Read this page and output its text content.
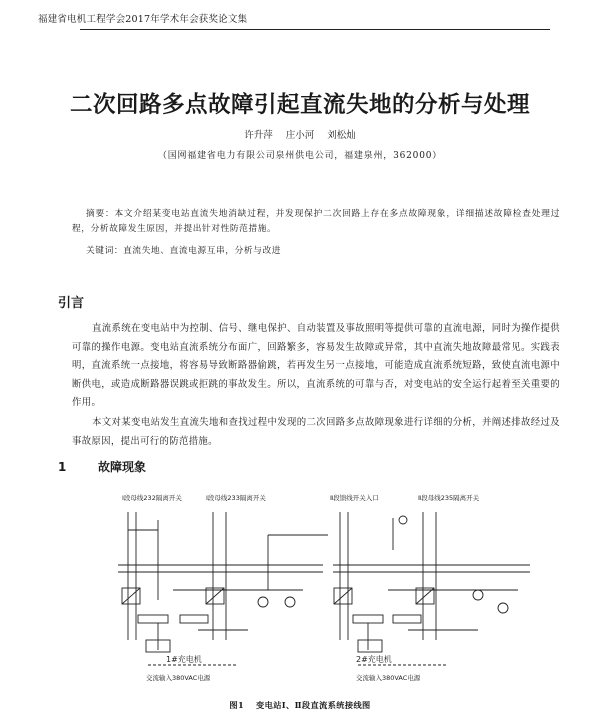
福建省电机工程学会2017年学术年会获奖论文集
二次回路多点故障引起直流失地的分析与处理
许升萍 庄小河 刘松灿
（国网福建省电力有限公司泉州供电公司，福建泉州，362000）

摘要：本文介绍某变电站直流失地消缺过程，并发现保护二次回路上存在多点故障现象，详细描述故障检查处理过程，分析故障发生原因，并提出针对性防范措施。

关键词：直流失地、直流电源互串，分析与改进
引言

直流系统在变电站中为控制、信号、继电保护、自动装置及事故照明等提供可靠的直流电源，同时为操作提供可靠的操作电源。变电站直流系统分布面广，回路繁多，容易发生故障或异常，其中直流失地故障最常见。实践表明，直流系统一点接地，将容易导致断路器偷跳，若再发生另一点接地，可能造成直流系统短路，致使直流电源中断供电，或造成断路器误跳或拒跳的事故发生。所以，直流系统的可靠与否，对变电站的安全运行起着至关重要的作用。

本文对某变电站发生直流失地和查找过程中发现的二次回路多点故障现象进行详细的分析，并阐述排故经过及事故原因，提出可行的防范措施。

1	故障现象
Ⅰ段母线232隔离开关	Ⅰ段母线233隔离开关	Ⅱ段馈线开关入口	Ⅱ段母线235隔离开关
1#充电机	2#充电机
交流输入380VAC电源	交流输入380VAC电源
图1 变电站Ⅰ、Ⅱ段直流系统接线图
